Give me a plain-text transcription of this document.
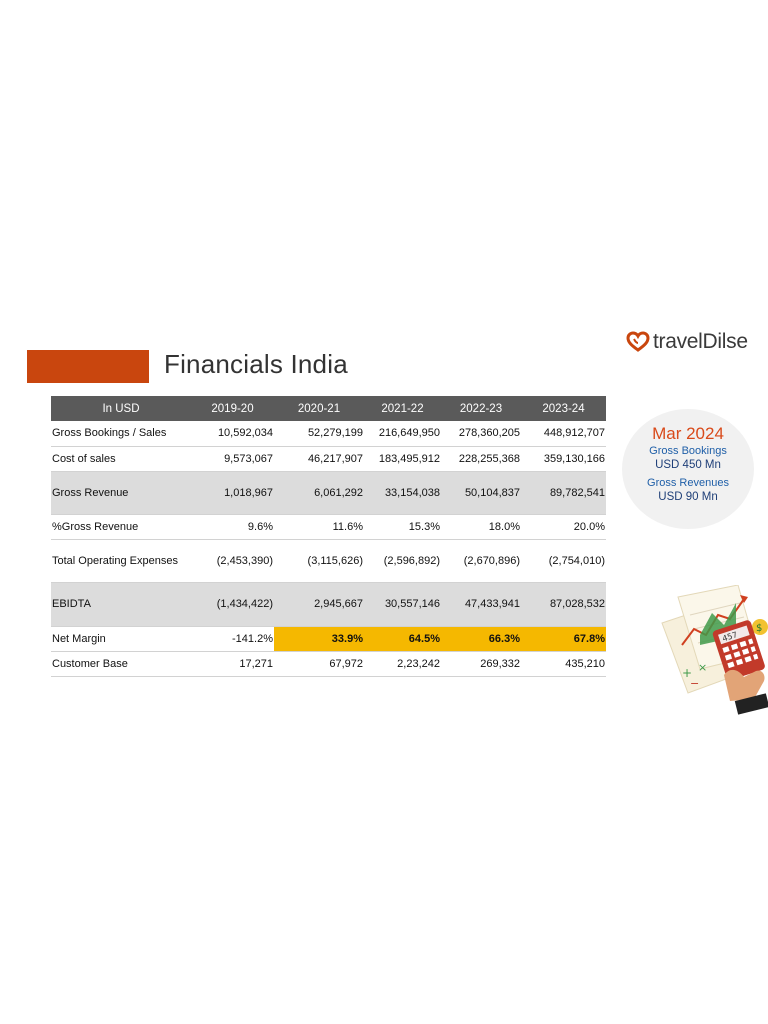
Financials India
travelDilse
In USD	2019-20	2020-21	2021-22	2022-23	2023-24
Gross Bookings / Sales	10,592,034	52,279,199	216,649,950	278,360,205	448,912,707
Cost of sales	9,573,067	46,217,907	183,495,912	228,255,368	359,130,166
Gross Revenue	1,018,967	6,061,292	33,154,038	50,104,837	89,782,541
%Gross Revenue	9.6%	11.6%	15.3%	18.0%	20.0%
Total Operating Expenses	(2,453,390)	(3,115,626)	(2,596,892)	(2,670,896)	(2,754,010)
EBIDTA	(1,434,422)	2,945,667	30,557,146	47,433,941	87,028,532
Net Margin	-141.2%	33.9%	64.5%	66.3%	67.8%
Customer Base	17,271	67,972	2,23,242	269,332	435,210
Mar 2024
Gross Bookings
USD 450 Mn
Gross Revenues
USD 90 Mn
$
457
+ ×
−
